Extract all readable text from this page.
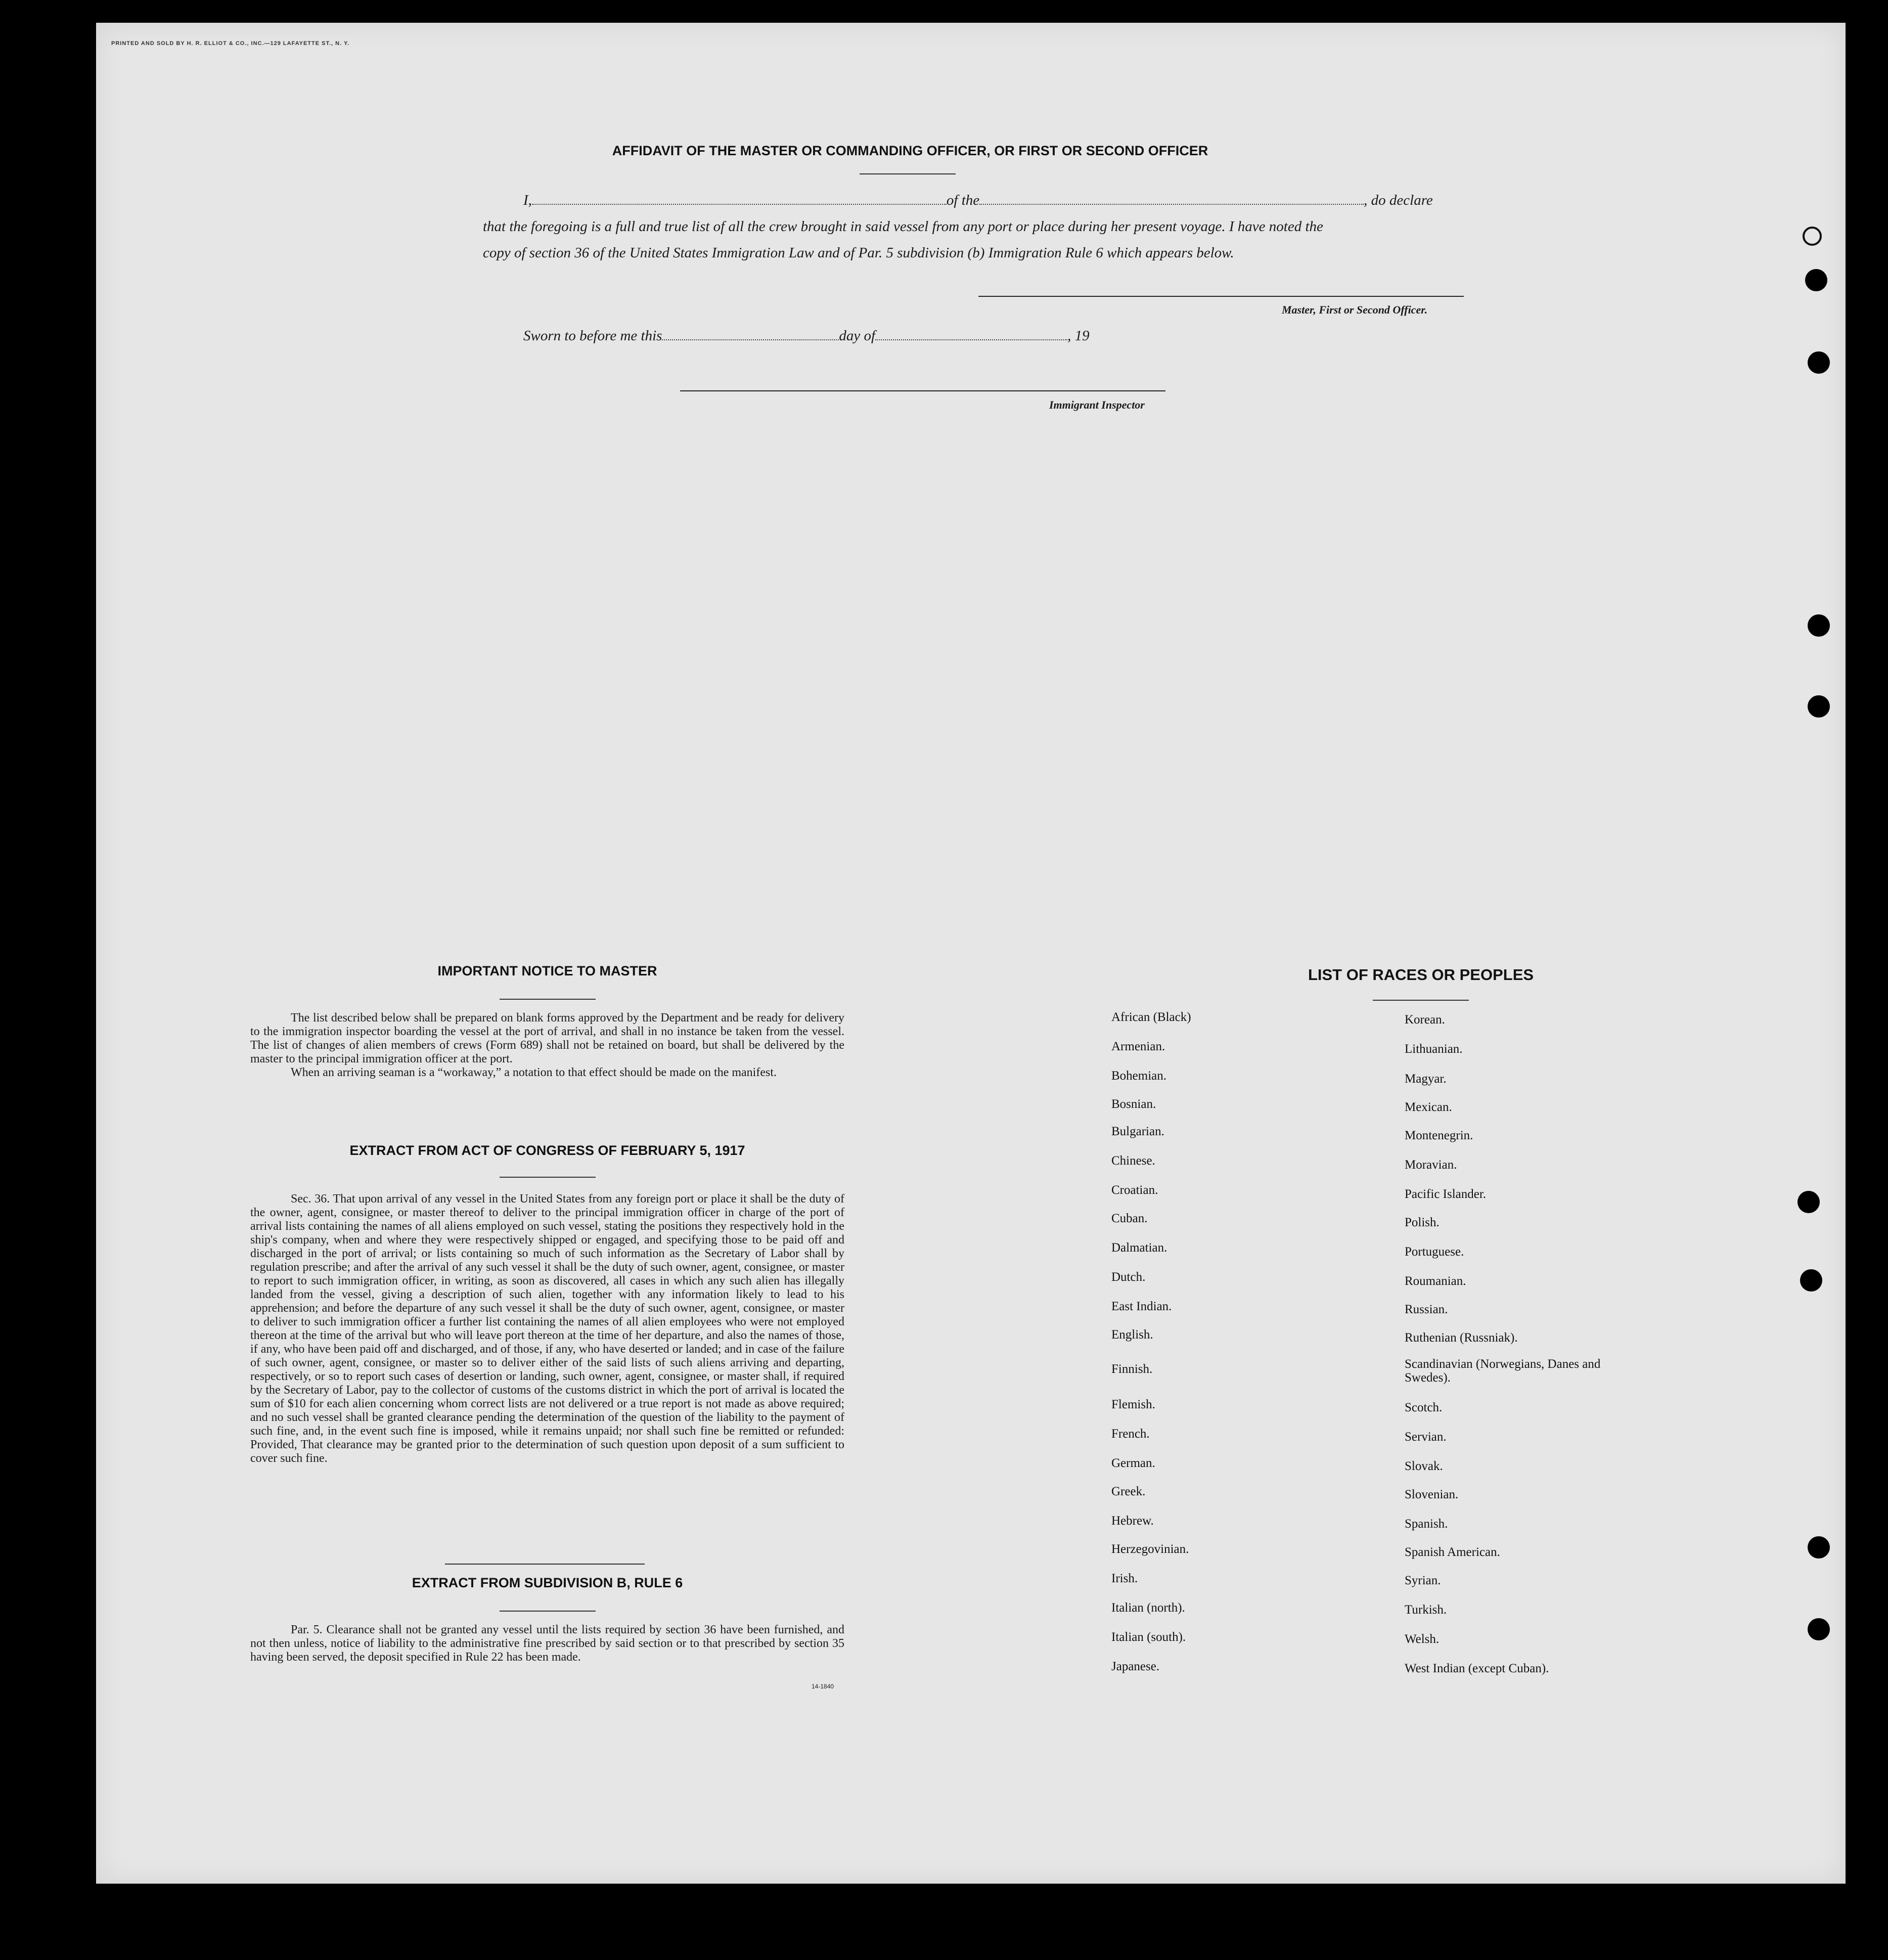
PRINTED AND SOLD BY H. R. ELLIOT & CO., INC.—129 LAFAYETTE ST., N. Y.
AFFIDAVIT OF THE MASTER OR COMMANDING OFFICER, OR FIRST OR SECOND OFFICER
I,	of the	, do declare
that the foregoing is a full and true list of all the crew brought in said vessel from any port or place during her present voyage. I have noted the
copy of section 36 of the United States Immigration Law and of Par. 5 subdivision (b) Immigration Rule 6 which appears below.
Master, First or Second Officer.
Sworn to before me this	day of	, 19
Immigrant Inspector
IMPORTANT NOTICE TO MASTER

The list described below shall be prepared on blank forms approved by the Department and be ready for delivery to the immigration inspector boarding the vessel at the port of arrival, and shall in no instance be taken from the vessel. The list of changes of alien members of crews (Form 689) shall not be retained on board, but shall be delivered by the master to the principal immigration officer at the port.

When an arriving seaman is a “workaway,” a notation to that effect should be made on the manifest.

EXTRACT FROM ACT OF CONGRESS OF FEBRUARY 5, 1917

Sec. 36. That upon arrival of any vessel in the United States from any foreign port or place it shall be the duty of the owner, agent, consignee, or master thereof to deliver to the principal immigration officer in charge of the port of arrival lists containing the names of all aliens employed on such vessel, stating the positions they respectively hold in the ship's company, when and where they were respectively shipped or engaged, and specifying those to be paid off and discharged in the port of arrival; or lists containing so much of such information as the Secretary of Labor shall by regulation prescribe; and after the arrival of any such vessel it shall be the duty of such owner, agent, consignee, or master to report to such immigration officer, in writing, as soon as discovered, all cases in which any such alien has illegally landed from the vessel, giving a description of such alien, together with any information likely to lead to his apprehension; and before the departure of any such vessel it shall be the duty of such owner, agent, consignee, or master to deliver to such immigration officer a further list containing the names of all alien employees who were not employed thereon at the time of the arrival but who will leave port thereon at the time of her departure, and also the names of those, if any, who have been paid off and discharged, and of those, if any, who have deserted or landed; and in case of the failure of such owner, agent, consignee, or master so to deliver either of the said lists of such aliens arriving and departing, respectively, or so to report such cases of desertion or landing, such owner, agent, consignee, or master shall, if required by the Secretary of Labor, pay to the collector of customs of the customs district in which the port of arrival is located the sum of $10 for each alien concerning whom correct lists are not delivered or a true report is not made as above required; and no such vessel shall be granted clearance pending the determination of the question of the liability to the payment of such fine, and, in the event such fine is imposed, while it remains unpaid; nor shall such fine be remitted or refunded: Provided, That clearance may be granted prior to the determination of such question upon deposit of a sum sufficient to cover such fine.

EXTRACT FROM SUBDIVISION B, RULE 6

Par. 5. Clearance shall not be granted any vessel until the lists required by section 36 have been furnished, and not then unless, notice of liability to the administrative fine prescribed by said section or to that prescribed by section 35 having been served, the deposit specified in Rule 22 has been made.

14-1840
LIST OF RACES OR PEOPLES
African (Black)
Armenian.
Bohemian.
Bosnian.
Bulgarian.
Chinese.
Croatian.
Cuban.
Dalmatian.
Dutch.
East Indian.
English.
Finnish.
Flemish.
French.
German.
Greek.
Hebrew.
Herzegovinian.
Irish.
Italian (north).
Italian (south).
Japanese.
Korean.
Lithuanian.
Magyar.
Mexican.
Montenegrin.
Moravian.
Pacific Islander.
Polish.
Portuguese.
Roumanian.
Russian.
Ruthenian (Russniak).
Scandinavian (Norwegians, Danes and Swedes).
Scotch.
Servian.
Slovak.
Slovenian.
Spanish.
Spanish American.
Syrian.
Turkish.
Welsh.
West Indian (except Cuban).
